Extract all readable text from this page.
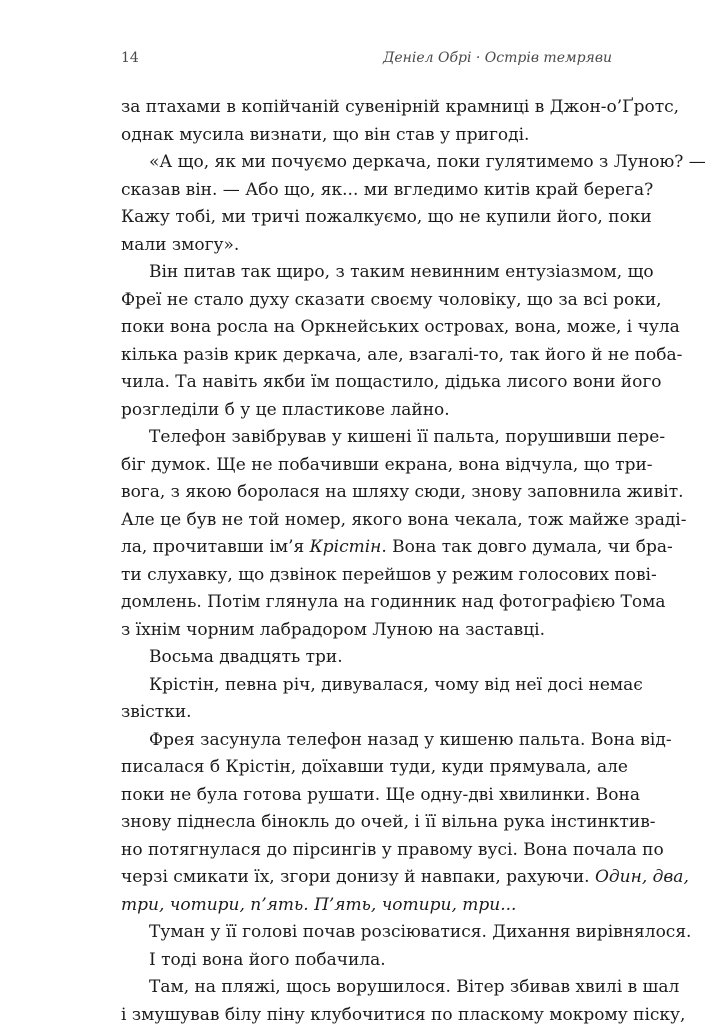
14	Деніел Обрі · Острів темряви
за птахами в копійчаній сувенірній крамниці в Джон-о’Ґротс,
однак мусила визнати, що він став у пригоді.
«А що, як ми почуємо деркача, поки гулятимемо з Луною? —
сказав він. — Або що, як... ми вгледимо китів край берега?
Кажу тобі, ми тричі пожалкуємо, що не купили його, поки
мали змогу».
Він питав так щиро, з таким невинним ентузіазмом, що
Фреї не стало духу сказати своєму чоловіку, що за всі роки,
поки вона росла на Оркнейських островах, вона, може, і чула
кілька разів крик деркача, але, взагалі-то, так його й не поба-
чила. Та навіть якби їм пощастило, дідька лисого вони його
розгледіли б у це пластикове лайно.
Телефон завібрував у кишені її пальта, порушивши пере-
біг думок. Ще не побачивши екрана, вона відчула, що три-
вога, з якою боролася на шляху сюди, знову заповнила живіт.
Але це був не той номер, якого вона чекала, тож майже зраді-
ла, прочитавши ім’я Крістін. Вона так довго думала, чи бра-
ти слухавку, що дзвінок перейшов у режим голосових пові-
домлень. Потім глянула на годинник над фотографією Тома
з їхнім чорним лабрадором Луною на заставці.
Восьма двадцять три.
Крістін, певна річ, дивувалася, чому від неї досі немає
звістки.
Фрея засунула телефон назад у кишеню пальта. Вона від-
писалася б Крістін, доїхавши туди, куди прямувала, але
поки не була готова рушати. Ще одну-дві хвилинки. Вона
знову піднесла бінокль до очей, і її вільна рука інстинктив-
но потягнулася до пірсингів у правому вусі. Вона почала по
черзі смикати їх, згори донизу й навпаки, рахуючи. Один, два,
три, чотири, п’ять. П’ять, чотири, три...
Туман у її голові почав розсіюватися. Дихання вирівнялося.
І тоді вона його побачила.
Там, на пляжі, щось ворушилося. Вітер збивав хвилі в шал
і змушував білу піну клубочитися по пласкому мокрому піску,
